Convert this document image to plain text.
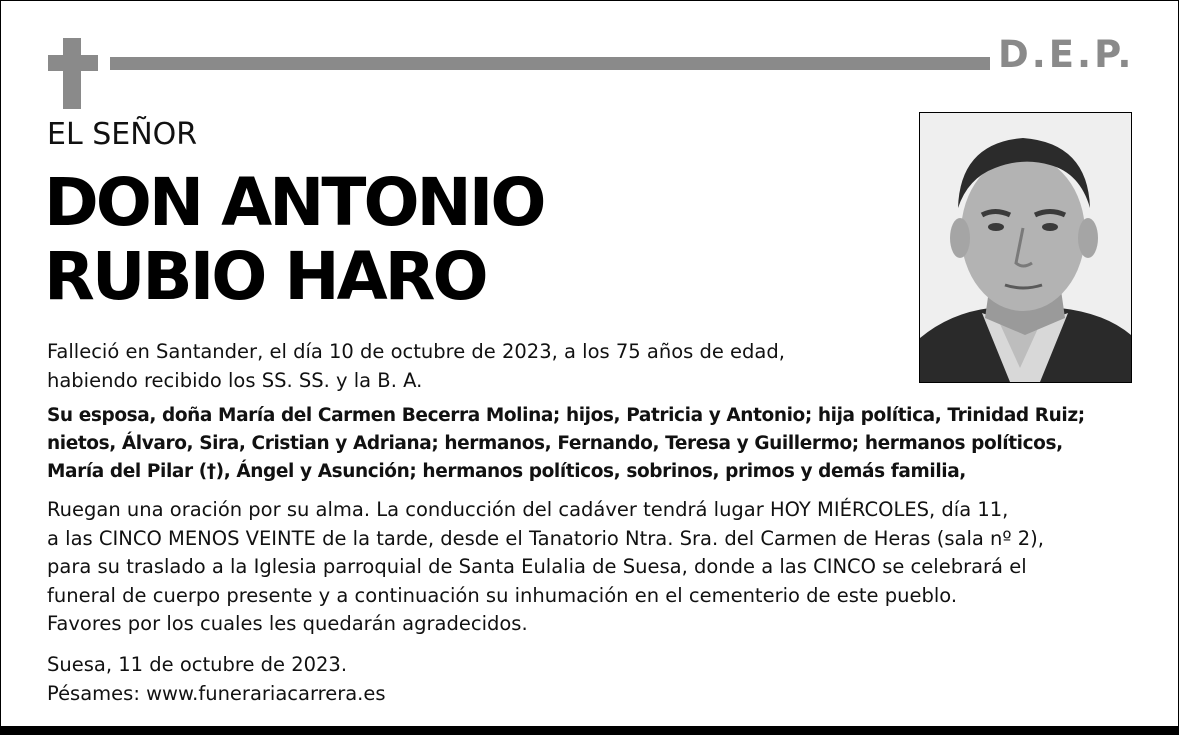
D.E.P.
EL SEÑOR
DON ANTONIO
RUBIO HARO
Falleció en Santander, el día 10 de octubre de 2023, a los 75 años de edad,
habiendo recibido los SS. SS. y la B. A.
Su esposa, doña María del Carmen Becerra Molina; hijos, Patricia y Antonio; hija política, Trinidad Ruiz;
nietos, Álvaro, Sira, Cristian y Adriana; hermanos, Fernando, Teresa y Guillermo; hermanos políticos,
María del Pilar (†), Ángel y Asunción; hermanos políticos, sobrinos, primos y demás familia,
Ruegan una oración por su alma. La conducción del cadáver tendrá lugar HOY MIÉRCOLES, día 11,
a las CINCO MENOS VEINTE de la tarde, desde el Tanatorio Ntra. Sra. del Carmen de Heras (sala nº 2),
para su traslado a la Iglesia parroquial de Santa Eulalia de Suesa, donde a las CINCO se celebrará el
funeral de cuerpo presente y a continuación su inhumación en el cementerio de este pueblo.
Favores por los cuales les quedarán agradecidos.
Suesa, 11 de octubre de 2023.
Pésames: www.funerariacarrera.es
